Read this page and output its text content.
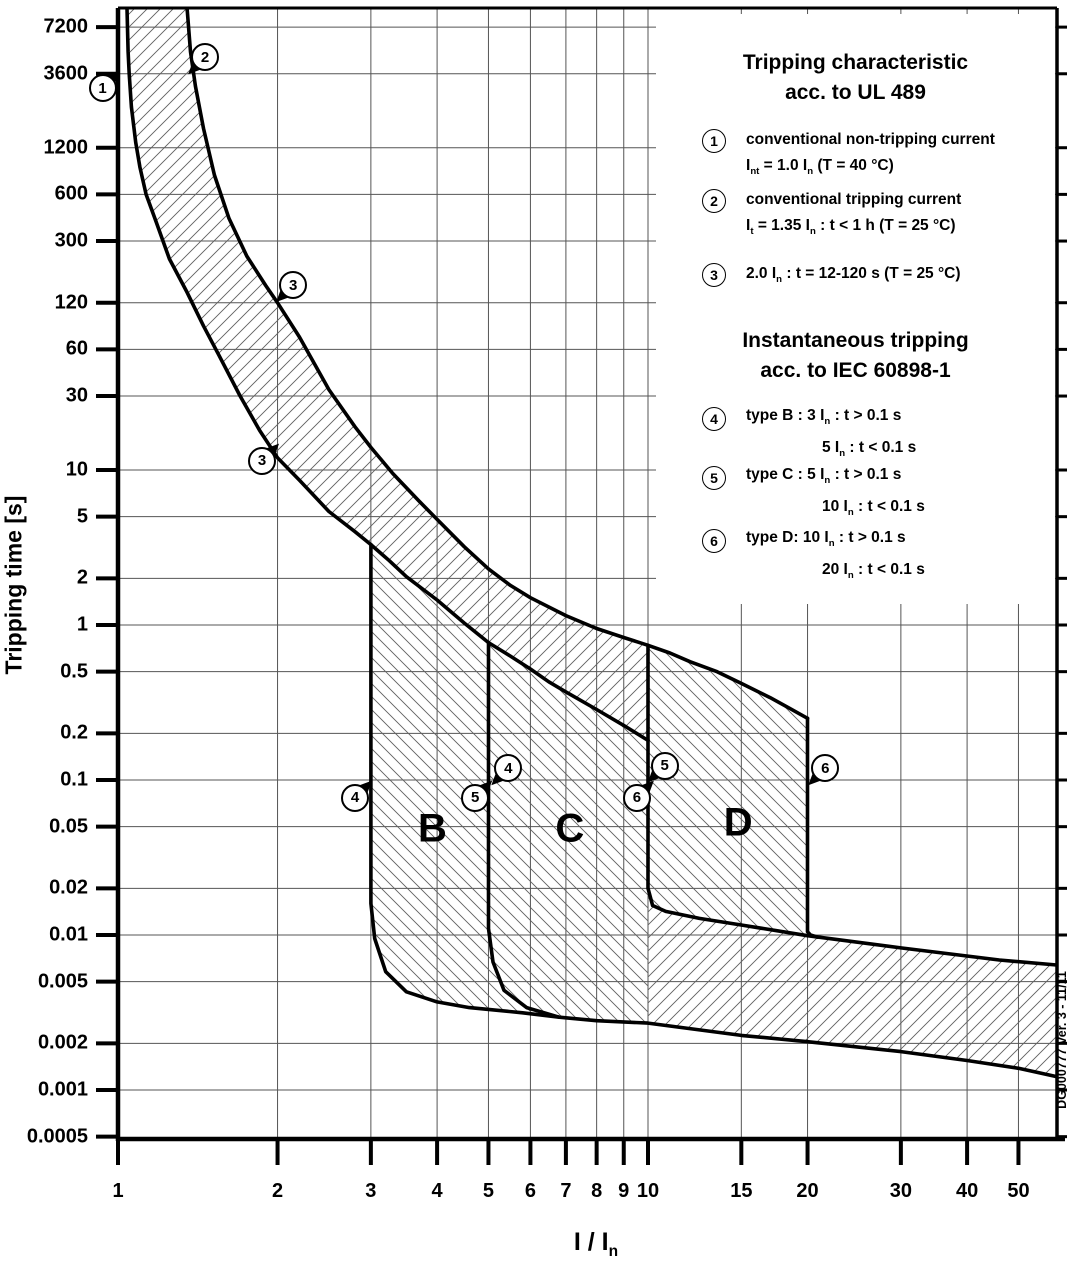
7200
3600
1200
600
300
120
60
30
10
5
2
1
0.5
0.2
0.1
0.05
0.02
0.01
0.005
0.002
0.001
0.0005
1	2	3	4 5 6 7 8 9 10	15 20	30 40 50
B	C	D
Tripping time [s]
I / $I_n$
DG000777 Ver. 3 - 11/11
Tripping characteristic
acc. to UL 489
1 conventional non-tripping current
$I_{nt} = 1.0$ $I_n$ (T = 40 °C)
2 conventional tripping current
$I_t = 1.35$ $I_n$ : t < 1 h (T = 25 °C)
3 2.0 $I_n$ : t = 12-120 s (T = 25 °C)
Instantaneous tripping
acc. to IEC 60898-1
4 type B : 3 $I_n$ : t > 0.1 s
5 $I_n$ : t < 0.1 s
5 type C : 5 $I_n$ : t > 0.1 s
10 $I_n$ : t < 0.1 s
6 type D: 10 $I_n$ : t > 0.1 s
20 $I_n$ : t < 0.1 s
1
2
3
3
4
4
5
5
6
6
